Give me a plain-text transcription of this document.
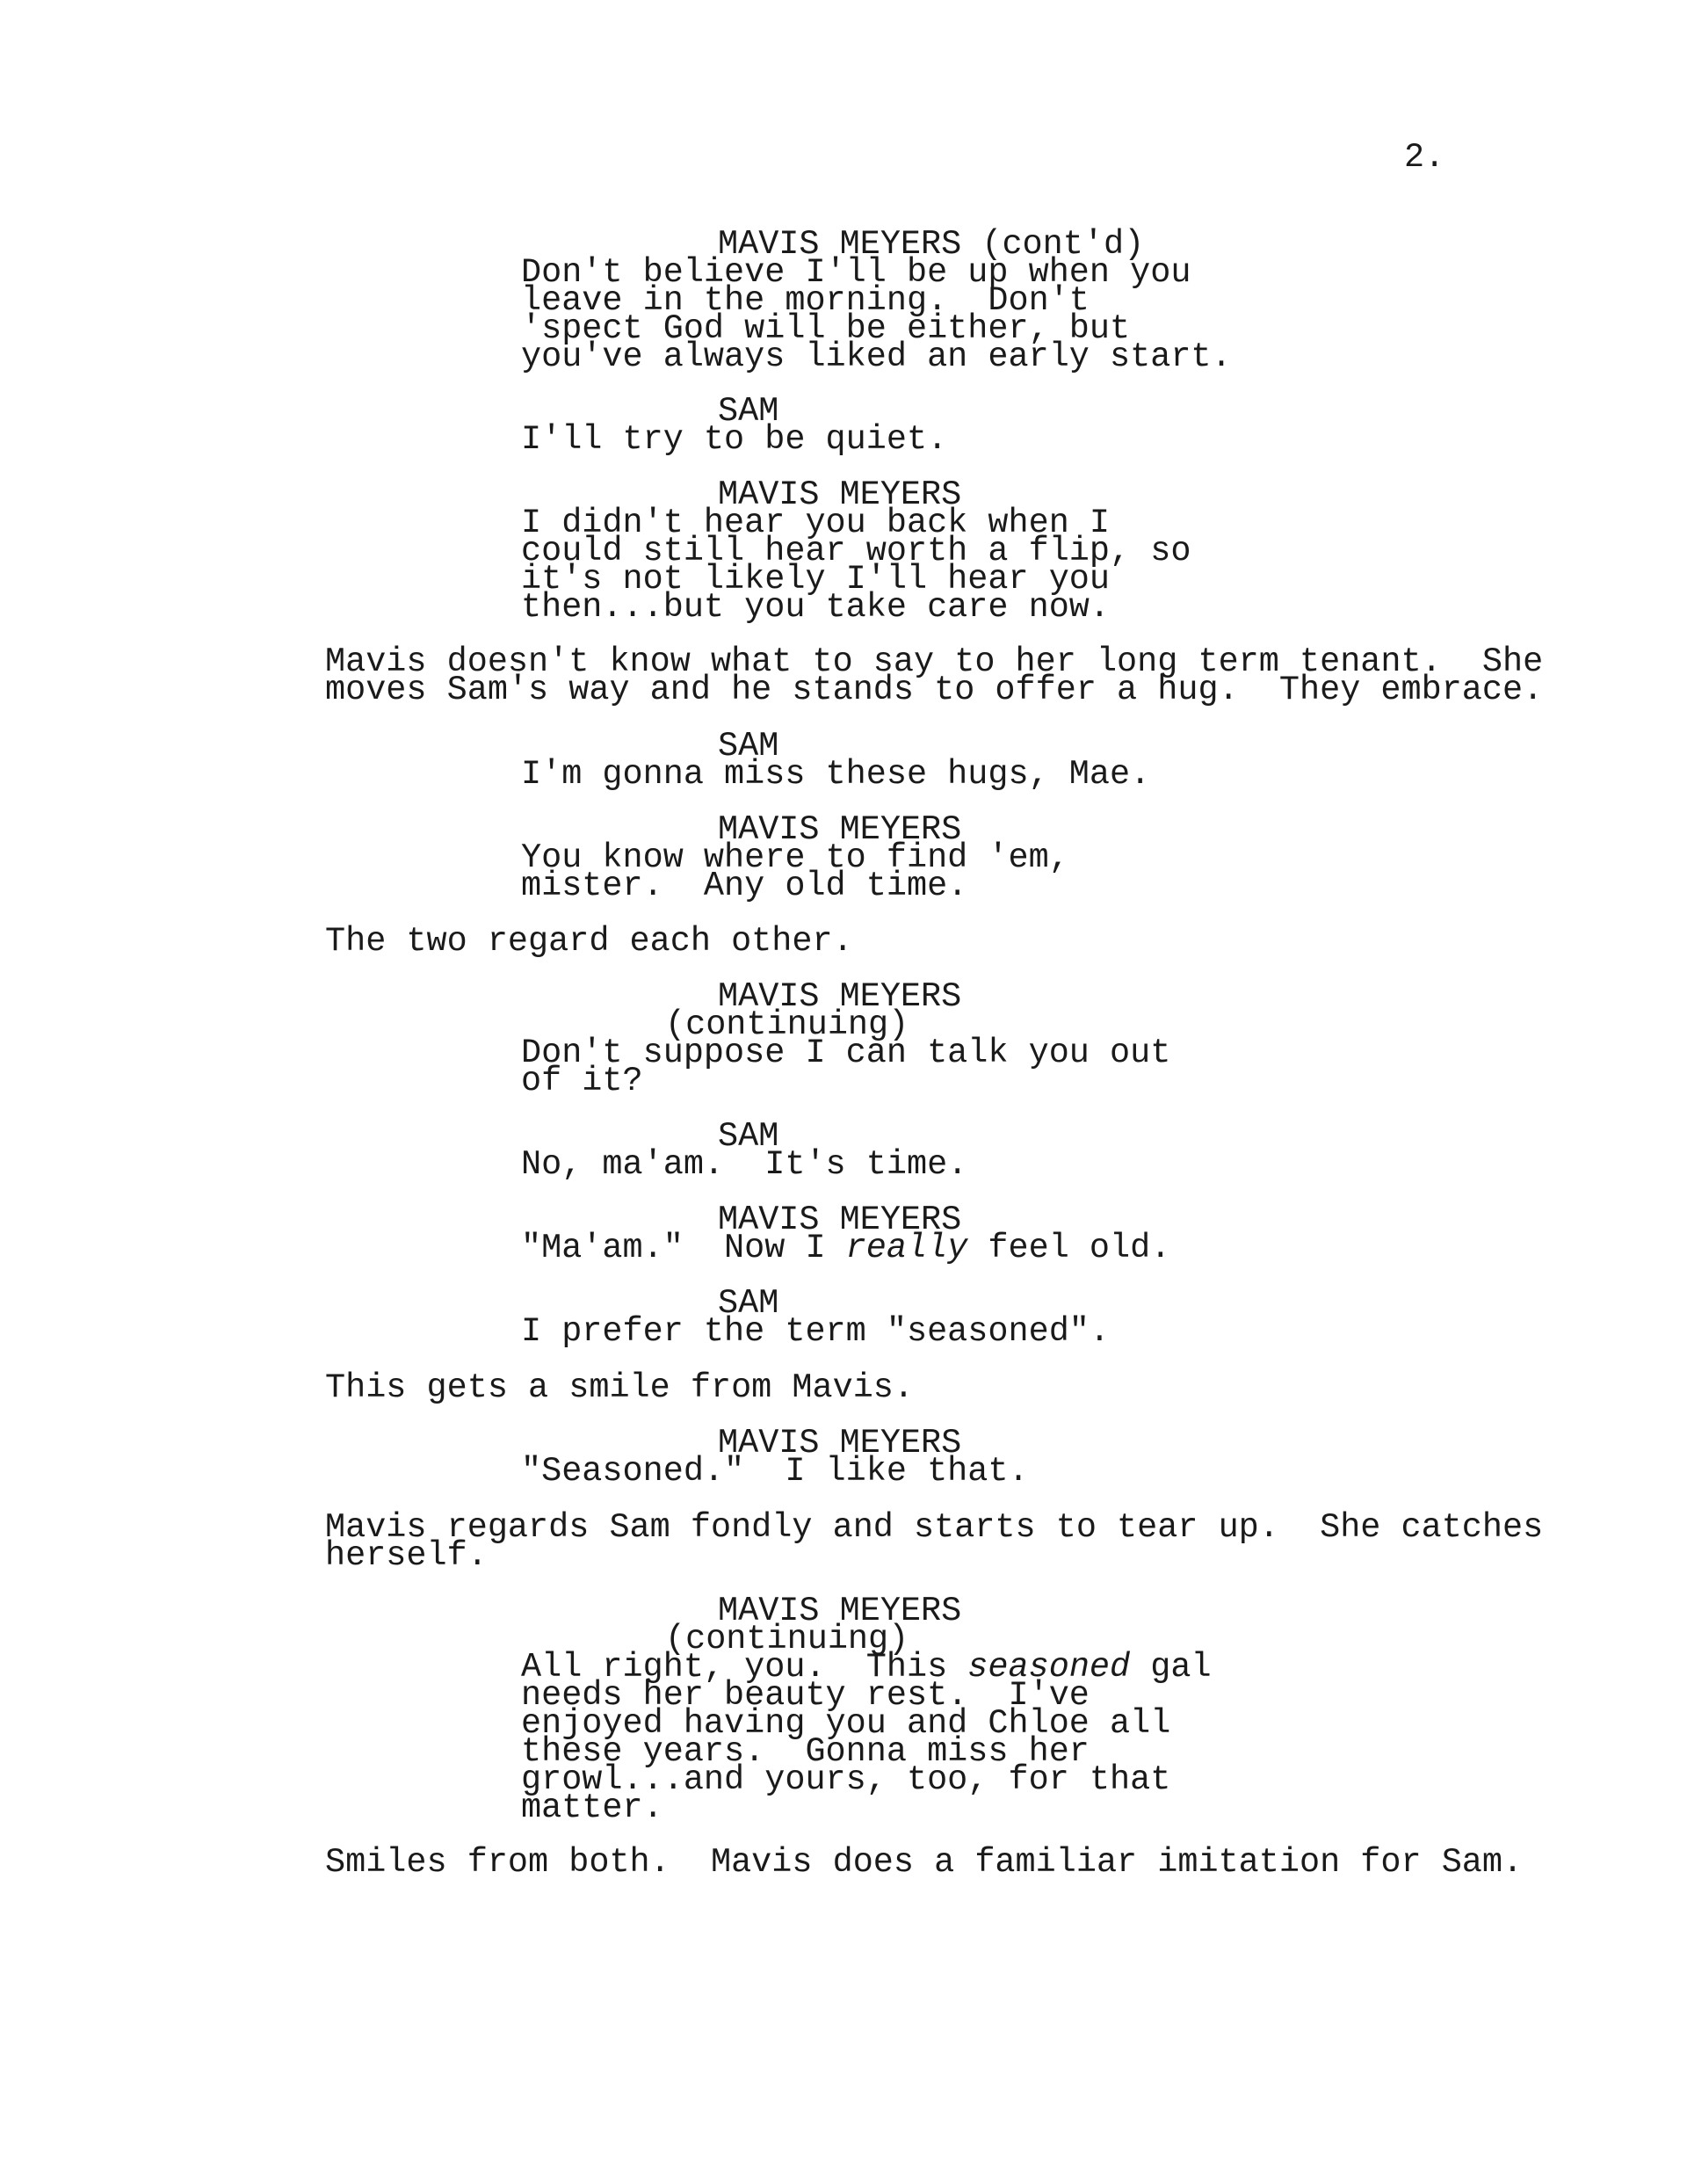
2.
MAVIS MEYERS (cont'd)
Don't believe I'll be up when you
leave in the morning.  Don't
'spect God will be either, but
you've always liked an early start.
SAM
I'll try to be quiet.
MAVIS MEYERS
I didn't hear you back when I
could still hear worth a flip, so
it's not likely I'll hear you
then...but you take care now.
Mavis doesn't know what to say to her long term tenant.  She
moves Sam's way and he stands to offer a hug.  They embrace.
SAM
I'm gonna miss these hugs, Mae.
MAVIS MEYERS
You know where to find 'em,
mister.  Any old time.
The two regard each other.
MAVIS MEYERS
(continuing)
Don't suppose I can talk you out
of it?
SAM
No, ma'am.  It's time.
MAVIS MEYERS
"Ma'am."  Now I really feel old.
SAM
I prefer the term "seasoned".
This gets a smile from Mavis.
MAVIS MEYERS
"Seasoned."  I like that.
Mavis regards Sam fondly and starts to tear up.  She catches
herself.
MAVIS MEYERS
(continuing)
All right, you.  This seasoned gal
needs her beauty rest.  I've
enjoyed having you and Chloe all
these years.  Gonna miss her
growl...and yours, too, for that
matter.
Smiles from both.  Mavis does a familiar imitation for Sam.
